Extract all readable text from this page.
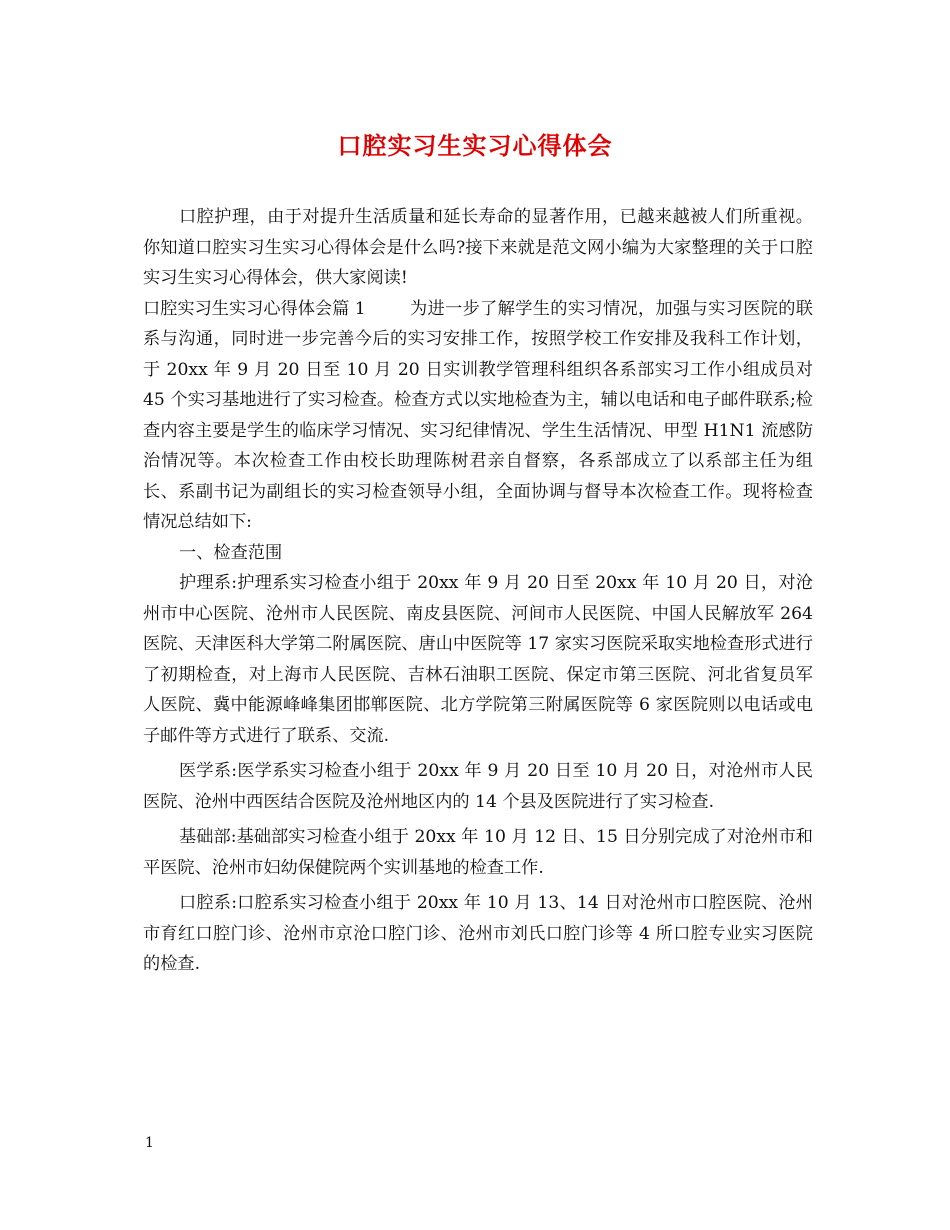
口腔实习生实习心得体会

口腔护理，由于对提升生活质量和延长寿命的显著作用，已越来越被人们所重视。你知道口腔实习生实习心得体会是什么吗?接下来就是范文网小编为大家整理的关于口腔实习生实习心得体会，供大家阅读!

口腔实习生实习心得体会篇 1	为进一步了解学生的实习情况，加强与实习医院的联系与沟通，同时进一步完善今后的实习安排工作，按照学校工作安排及我科工作计划，于 20xx 年 9 月 20 日至 10 月 20 日实训教学管理科组织各系部实习工作小组成员对 45 个实习基地进行了实习检查。检查方式以实地检查为主，辅以电话和电子邮件联系;检查内容主要是学生的临床学习情况、实习纪律情况、学生生活情况、甲型 H1N1 流感防治情况等。本次检查工作由校长助理陈树君亲自督察，各系部成立了以系部主任为组长、系副书记为副组长的实习检查领导小组，全面协调与督导本次检查工作。现将检查情况总结如下:

一、检查范围

护理系:护理系实习检查小组于 20xx 年 9 月 20 日至 20xx 年 10 月 20 日，对沧州市中心医院、沧州市人民医院、南皮县医院、河间市人民医院、中国人民解放军 264 医院、天津医科大学第二附属医院、唐山中医院等 17 家实习医院采取实地检查形式进行了初期检查，对上海市人民医院、吉林石油职工医院、保定市第三医院、河北省复员军人医院、冀中能源峰峰集团邯郸医院、北方学院第三附属医院等 6 家医院则以电话或电子邮件等方式进行了联系、交流.

医学系:医学系实习检查小组于 20xx 年 9 月 20 日至 10 月 20 日，对沧州市人民医院、沧州中西医结合医院及沧州地区内的 14 个县及医院进行了实习检查.

基础部:基础部实习检查小组于 20xx 年 10 月 12 日、15 日分别完成了对沧州市和平医院、沧州市妇幼保健院两个实训基地的检查工作.

口腔系:口腔系实习检查小组于 20xx 年 10 月 13、14 日对沧州市口腔医院、沧州市育红口腔门诊、沧州市京沧口腔门诊、沧州市刘氏口腔门诊等 4 所口腔专业实习医院的检查.

1
